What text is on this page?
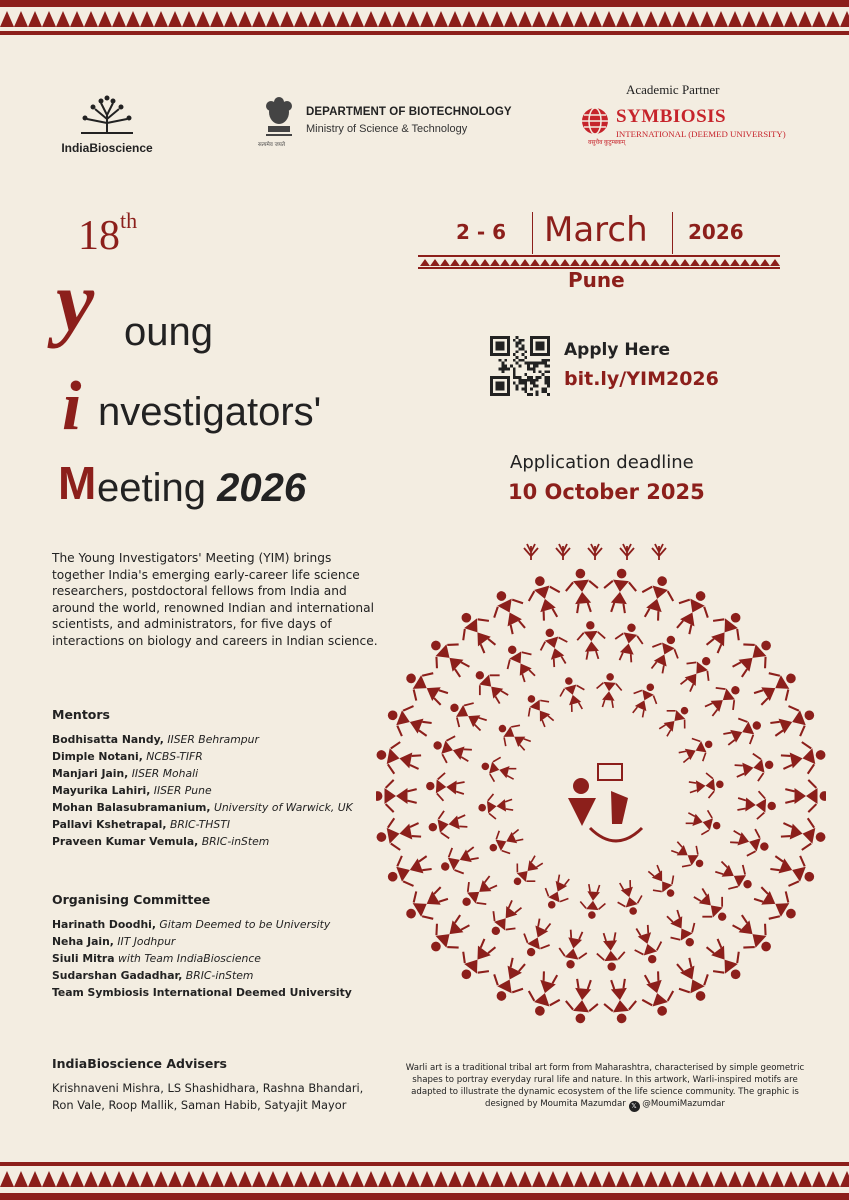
IndiaBioscience	सत्यमेव जयते
DEPARTMENT OF BIOTECHNOLOGY
Ministry of Science & Technology
Academic Partner
SYMBIOSIS
INTERNATIONAL (DEEMED UNIVERSITY)
वसुधैव कुटुम्बकम्
18th
y oung
i nvestigators'
M eeting 2026
2 - 6 March 2026
Pune
Apply Here
bit.ly/YIM2026
Application deadline
10 October 2025
The Young Investigators' Meeting (YIM) brings together India's emerging early-career life science researchers, postdoctoral fellows from India and around the world, renowned Indian and international scientists, and administrators, for five days of interactions on biology and careers in Indian science.
Mentors
Bodhisatta Nandy, IISER Behrampur
Dimple Notani, NCBS-TIFR
Manjari Jain, IISER Mohali
Mayurika Lahiri, IISER Pune
Mohan Balasubramanium, University of Warwick, UK
Pallavi Kshetrapal, BRIC-THSTI
Praveen Kumar Vemula, BRIC-inStem
Organising Committee
Harinath Doodhi, Gitam Deemed to be University
Neha Jain, IIT Jodhpur
Siuli Mitra with Team IndiaBioscience
Sudarshan Gadadhar, BRIC-inStem
Team Symbiosis International Deemed University
IndiaBioscience Advisers
Krishnaveni Mishra, LS Shashidhara, Rashna Bhandari, Ron Vale, Roop Mallik, Saman Habib, Satyajit Mayor
Warli art is a traditional tribal art form from Maharashtra, characterised by simple geometric shapes to portray everyday rural life and nature. In this artwork, Warli-inspired motifs are adapted to illustrate the dynamic ecosystem of the life science community. The graphic is designed by Moumita Mazumdar 𝕏 @MoumiMazumdar
